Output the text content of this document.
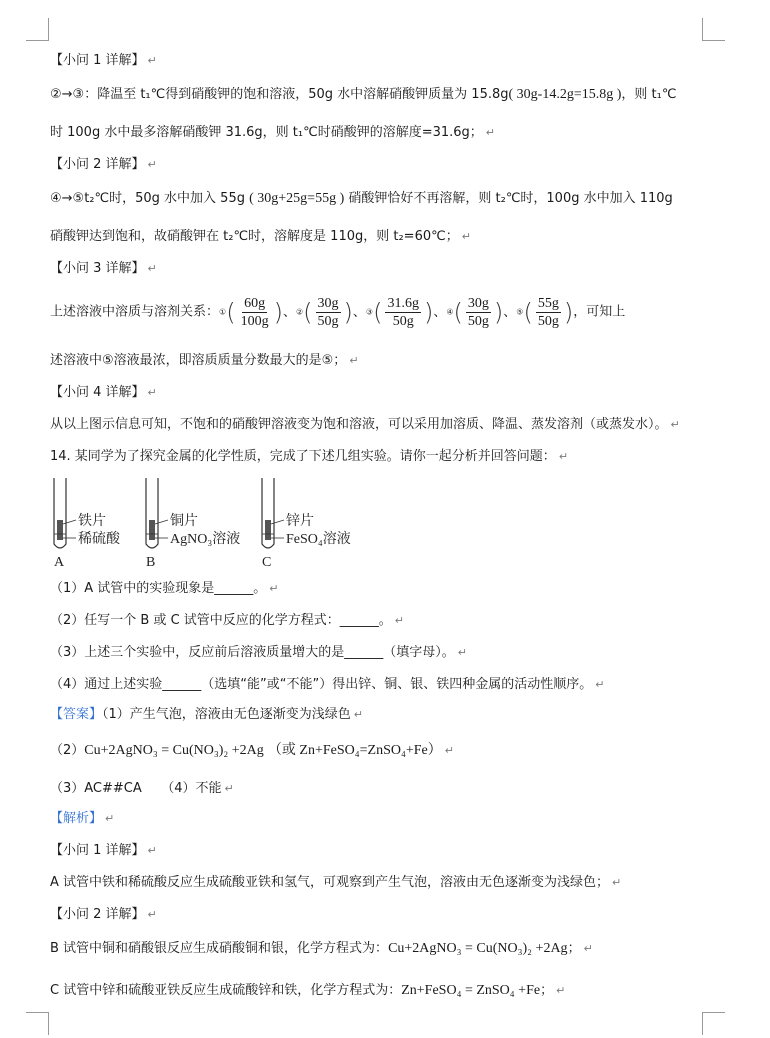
【小问 1 详解】 ↵
②→③：降温至 t₁℃得到硝酸钾的饱和溶液，50g 水中溶解硝酸钾质量为 15.8g( 30g-14.2g=15.8g )，则 t₁℃
时 100g 水中最多溶解硝酸钾 31.6g，则 t₁℃时硝酸钾的溶解度=31.6g； ↵
【小问 2 详解】 ↵
④→⑤t₂℃时，50g 水中加入 55g ( 30g+25g=55g ) 硝酸钾恰好不再溶解，则 t₂℃时，100g 水中加入 110g
硝酸钾达到饱和，故硝酸钾在 t₂℃时，溶解度是 110g，则 t₂=60℃； ↵
【小问 3 详解】 ↵
上述溶液中溶质与溶剂关系：①( $\frac{60g}{100g}$ )、②( $\frac{30g}{50g}$ )、③( $\frac{31.6g}{50g}$ )、④( $\frac{30g}{50g}$ )、⑤( $\frac{55g}{50g}$ )，可知上
述溶液中⑤溶液最浓，即溶质质量分数最大的是⑤； ↵
【小问 4 详解】 ↵
从以上图示信息可知，不饱和的硝酸钾溶液变为饱和溶液，可以采用加溶质、降温、蒸发溶剂（或蒸发水）。 ↵
14. 某同学为了探究金属的化学性质，完成了下述几组实验。请你一起分析并回答问题： ↵
铁片
稀硫酸
A
铜片
AgNO₃溶液
B
锌片
FeSO₄溶液
C
（1）A 试管中的实验现象是______。 ↵
（2）任写一个 B 或 C 试管中反应的化学方程式：______。 ↵
（3）上述三个实验中，反应前后溶液质量增大的是______（填字母）。 ↵
（4）通过上述实验______（选填“能”或“不能”）得出锌、铜、银、铁四种金属的活动性顺序。 ↵
【答案】（1）产生气泡，溶液由无色逐渐变为浅绿色 ↵
（2）Cu+2AgNO₃ = Cu(NO₃)₂ +2Ag （或 Zn+FeSO₄=ZnSO₄+Fe） ↵
（3）AC##CA　　（4）不能 ↵
【解析】 ↵
【小问 1 详解】 ↵
A 试管中铁和稀硫酸反应生成硫酸亚铁和氢气，可观察到产生气泡，溶液由无色逐渐变为浅绿色； ↵
【小问 2 详解】 ↵
B 试管中铜和硝酸银反应生成硝酸铜和银，化学方程式为：Cu+2AgNO₃ = Cu(NO₃)₂ +2Ag； ↵
C 试管中锌和硫酸亚铁反应生成硫酸锌和铁，化学方程式为：Zn+FeSO₄ = ZnSO₄ +Fe； ↵
